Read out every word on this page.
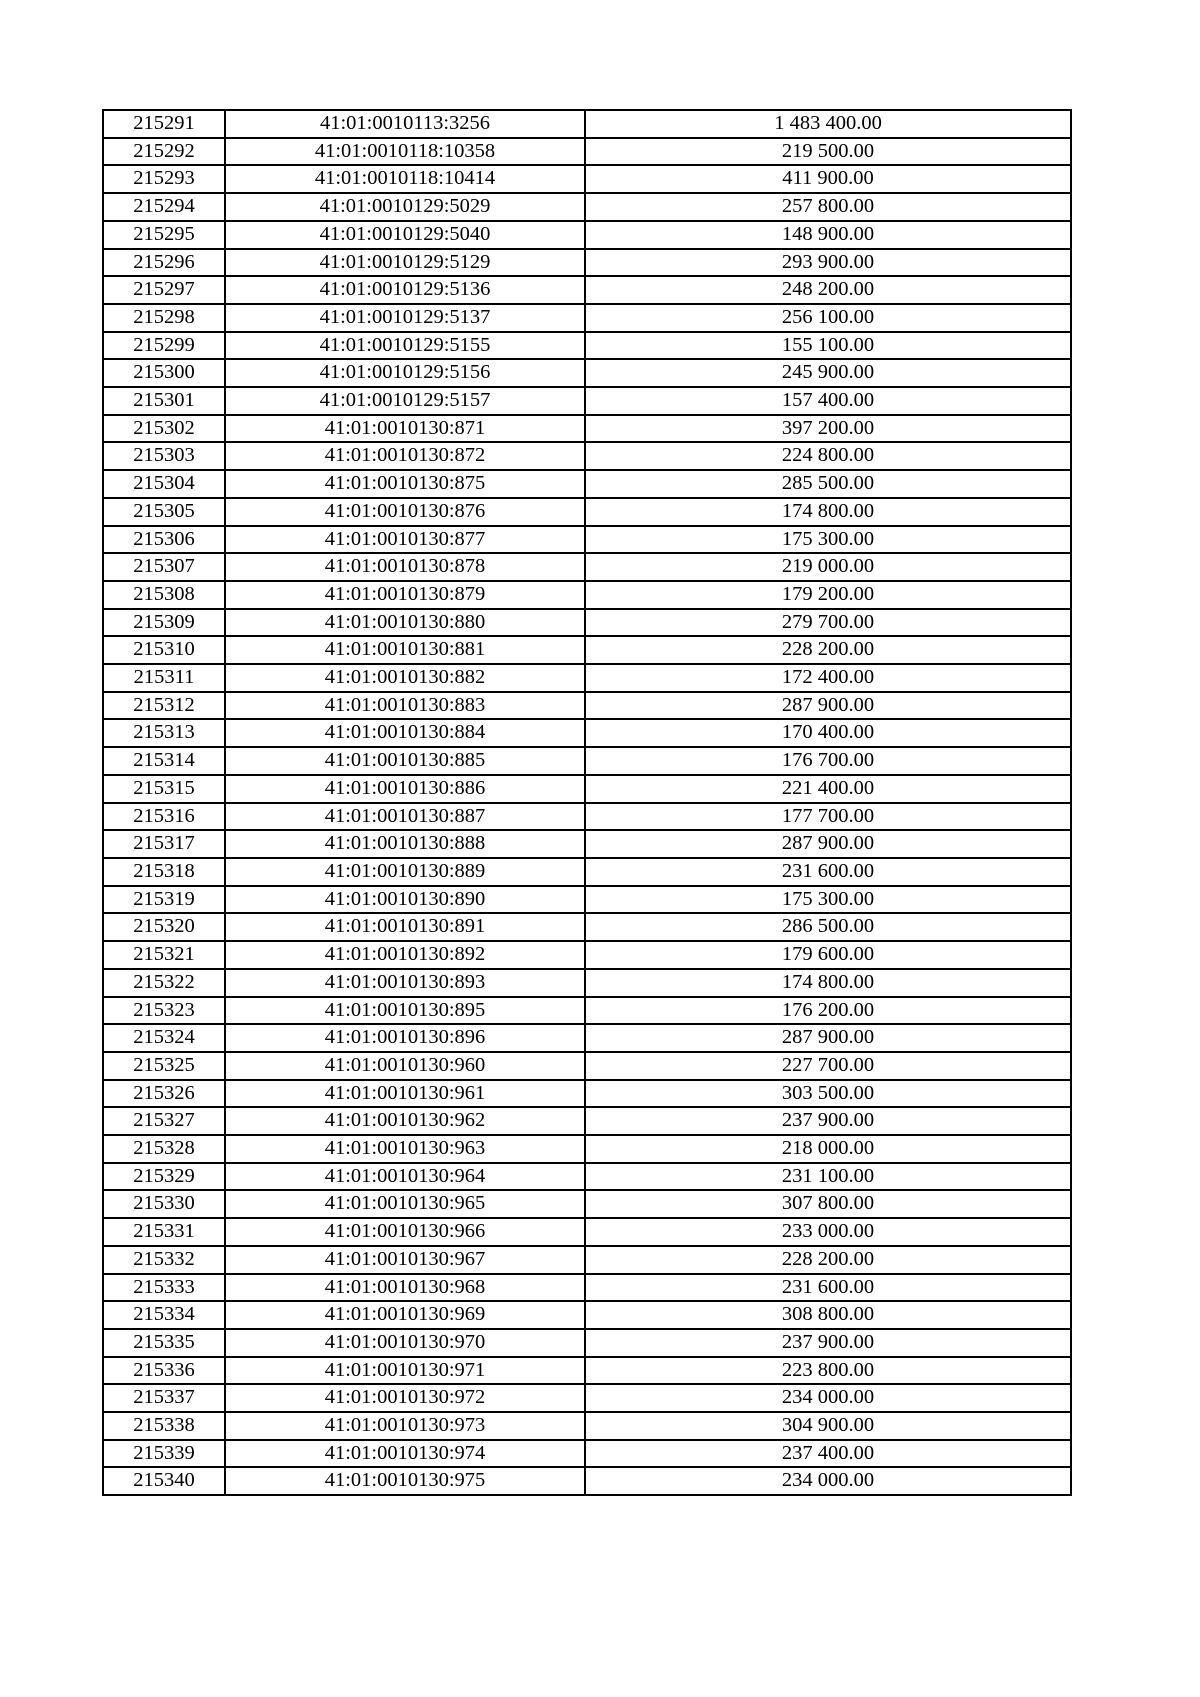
215291	41:01:0010113:3256	1 483 400.00
215292	41:01:0010118:10358	219 500.00
215293	41:01:0010118:10414	411 900.00
215294	41:01:0010129:5029	257 800.00
215295	41:01:0010129:5040	148 900.00
215296	41:01:0010129:5129	293 900.00
215297	41:01:0010129:5136	248 200.00
215298	41:01:0010129:5137	256 100.00
215299	41:01:0010129:5155	155 100.00
215300	41:01:0010129:5156	245 900.00
215301	41:01:0010129:5157	157 400.00
215302	41:01:0010130:871	397 200.00
215303	41:01:0010130:872	224 800.00
215304	41:01:0010130:875	285 500.00
215305	41:01:0010130:876	174 800.00
215306	41:01:0010130:877	175 300.00
215307	41:01:0010130:878	219 000.00
215308	41:01:0010130:879	179 200.00
215309	41:01:0010130:880	279 700.00
215310	41:01:0010130:881	228 200.00
215311	41:01:0010130:882	172 400.00
215312	41:01:0010130:883	287 900.00
215313	41:01:0010130:884	170 400.00
215314	41:01:0010130:885	176 700.00
215315	41:01:0010130:886	221 400.00
215316	41:01:0010130:887	177 700.00
215317	41:01:0010130:888	287 900.00
215318	41:01:0010130:889	231 600.00
215319	41:01:0010130:890	175 300.00
215320	41:01:0010130:891	286 500.00
215321	41:01:0010130:892	179 600.00
215322	41:01:0010130:893	174 800.00
215323	41:01:0010130:895	176 200.00
215324	41:01:0010130:896	287 900.00
215325	41:01:0010130:960	227 700.00
215326	41:01:0010130:961	303 500.00
215327	41:01:0010130:962	237 900.00
215328	41:01:0010130:963	218 000.00
215329	41:01:0010130:964	231 100.00
215330	41:01:0010130:965	307 800.00
215331	41:01:0010130:966	233 000.00
215332	41:01:0010130:967	228 200.00
215333	41:01:0010130:968	231 600.00
215334	41:01:0010130:969	308 800.00
215335	41:01:0010130:970	237 900.00
215336	41:01:0010130:971	223 800.00
215337	41:01:0010130:972	234 000.00
215338	41:01:0010130:973	304 900.00
215339	41:01:0010130:974	237 400.00
215340	41:01:0010130:975	234 000.00
